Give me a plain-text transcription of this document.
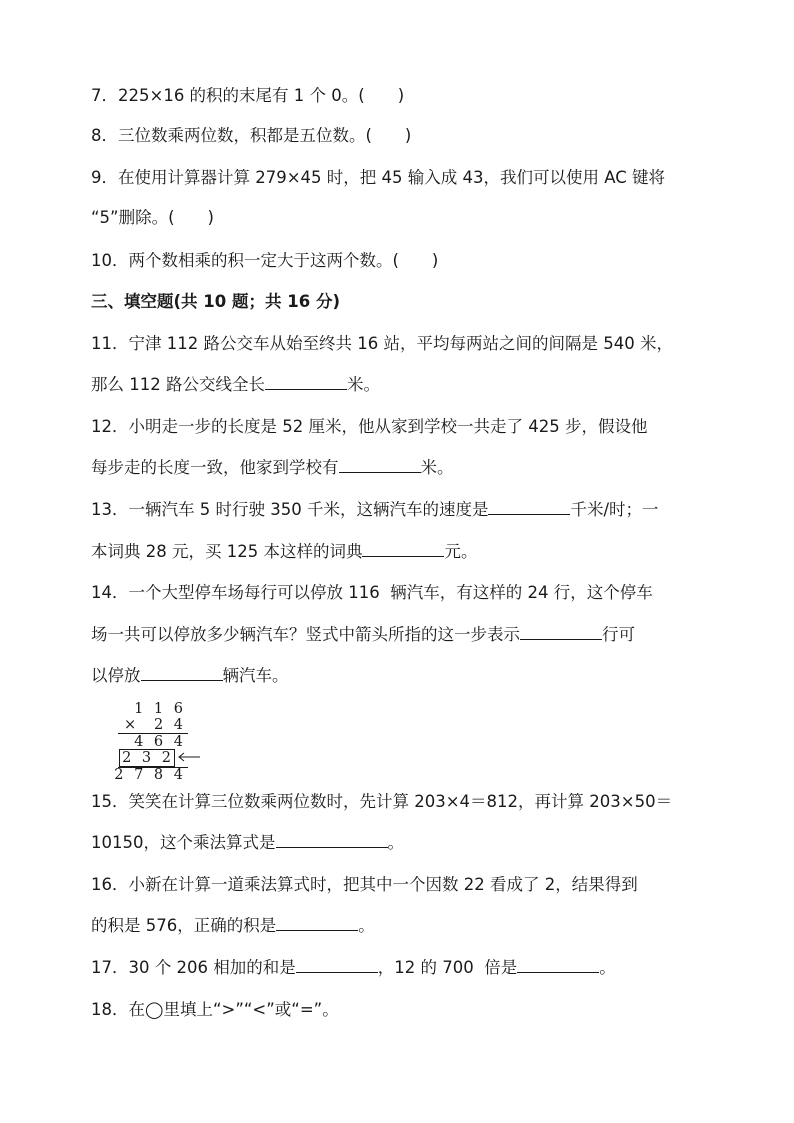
7．225×16 的积的末尾有 1 个 0。(　　)
8．三位数乘两位数，积都是五位数。(　　)
9．在使用计算器计算 279×45 时，把 45 输入成 43，我们可以使用 AC 键将
“5”删除。(　　)
10．两个数相乘的积一定大于这两个数。(　　)
三、填空题(共 10 题；共 16 分)
11．宁津 112 路公交车从始至终共 16 站，平均每两站之间的间隔是 540 米，
那么 112 路公交线全长	米。
12．小明走一步的长度是 52 厘米，他从家到学校一共走了 425 步，假设他
每步走的长度一致，他家到学校有	米。
13．一辆汽车 5 时行驶 350 千米，这辆汽车的速度是	千米/时；一
本词典 28 元，买 125 本这样的词典	元。
14．一个大型停车场每行可以停放 116  辆汽车，有这样的 24 行，这个停车
场一共可以停放多少辆汽车？竖式中箭头所指的这一步表示	行可
以停放	辆汽车。
1 1 6
× 2 4
4 6 4
2 3 2
2 7 8 4
15．笑笑在计算三位数乘两位数时，先计算 203×4＝812，再计算 203×50＝
10150，这个乘法算式是	。
16．小新在计算一道乘法算式时，把其中一个因数 22 看成了 2，结果得到
的积是 576，正确的积是	。
17．30 个 206 相加的和是	，12 的 700  倍是	。
18．在◯里填上“>”“<”或“=”。
